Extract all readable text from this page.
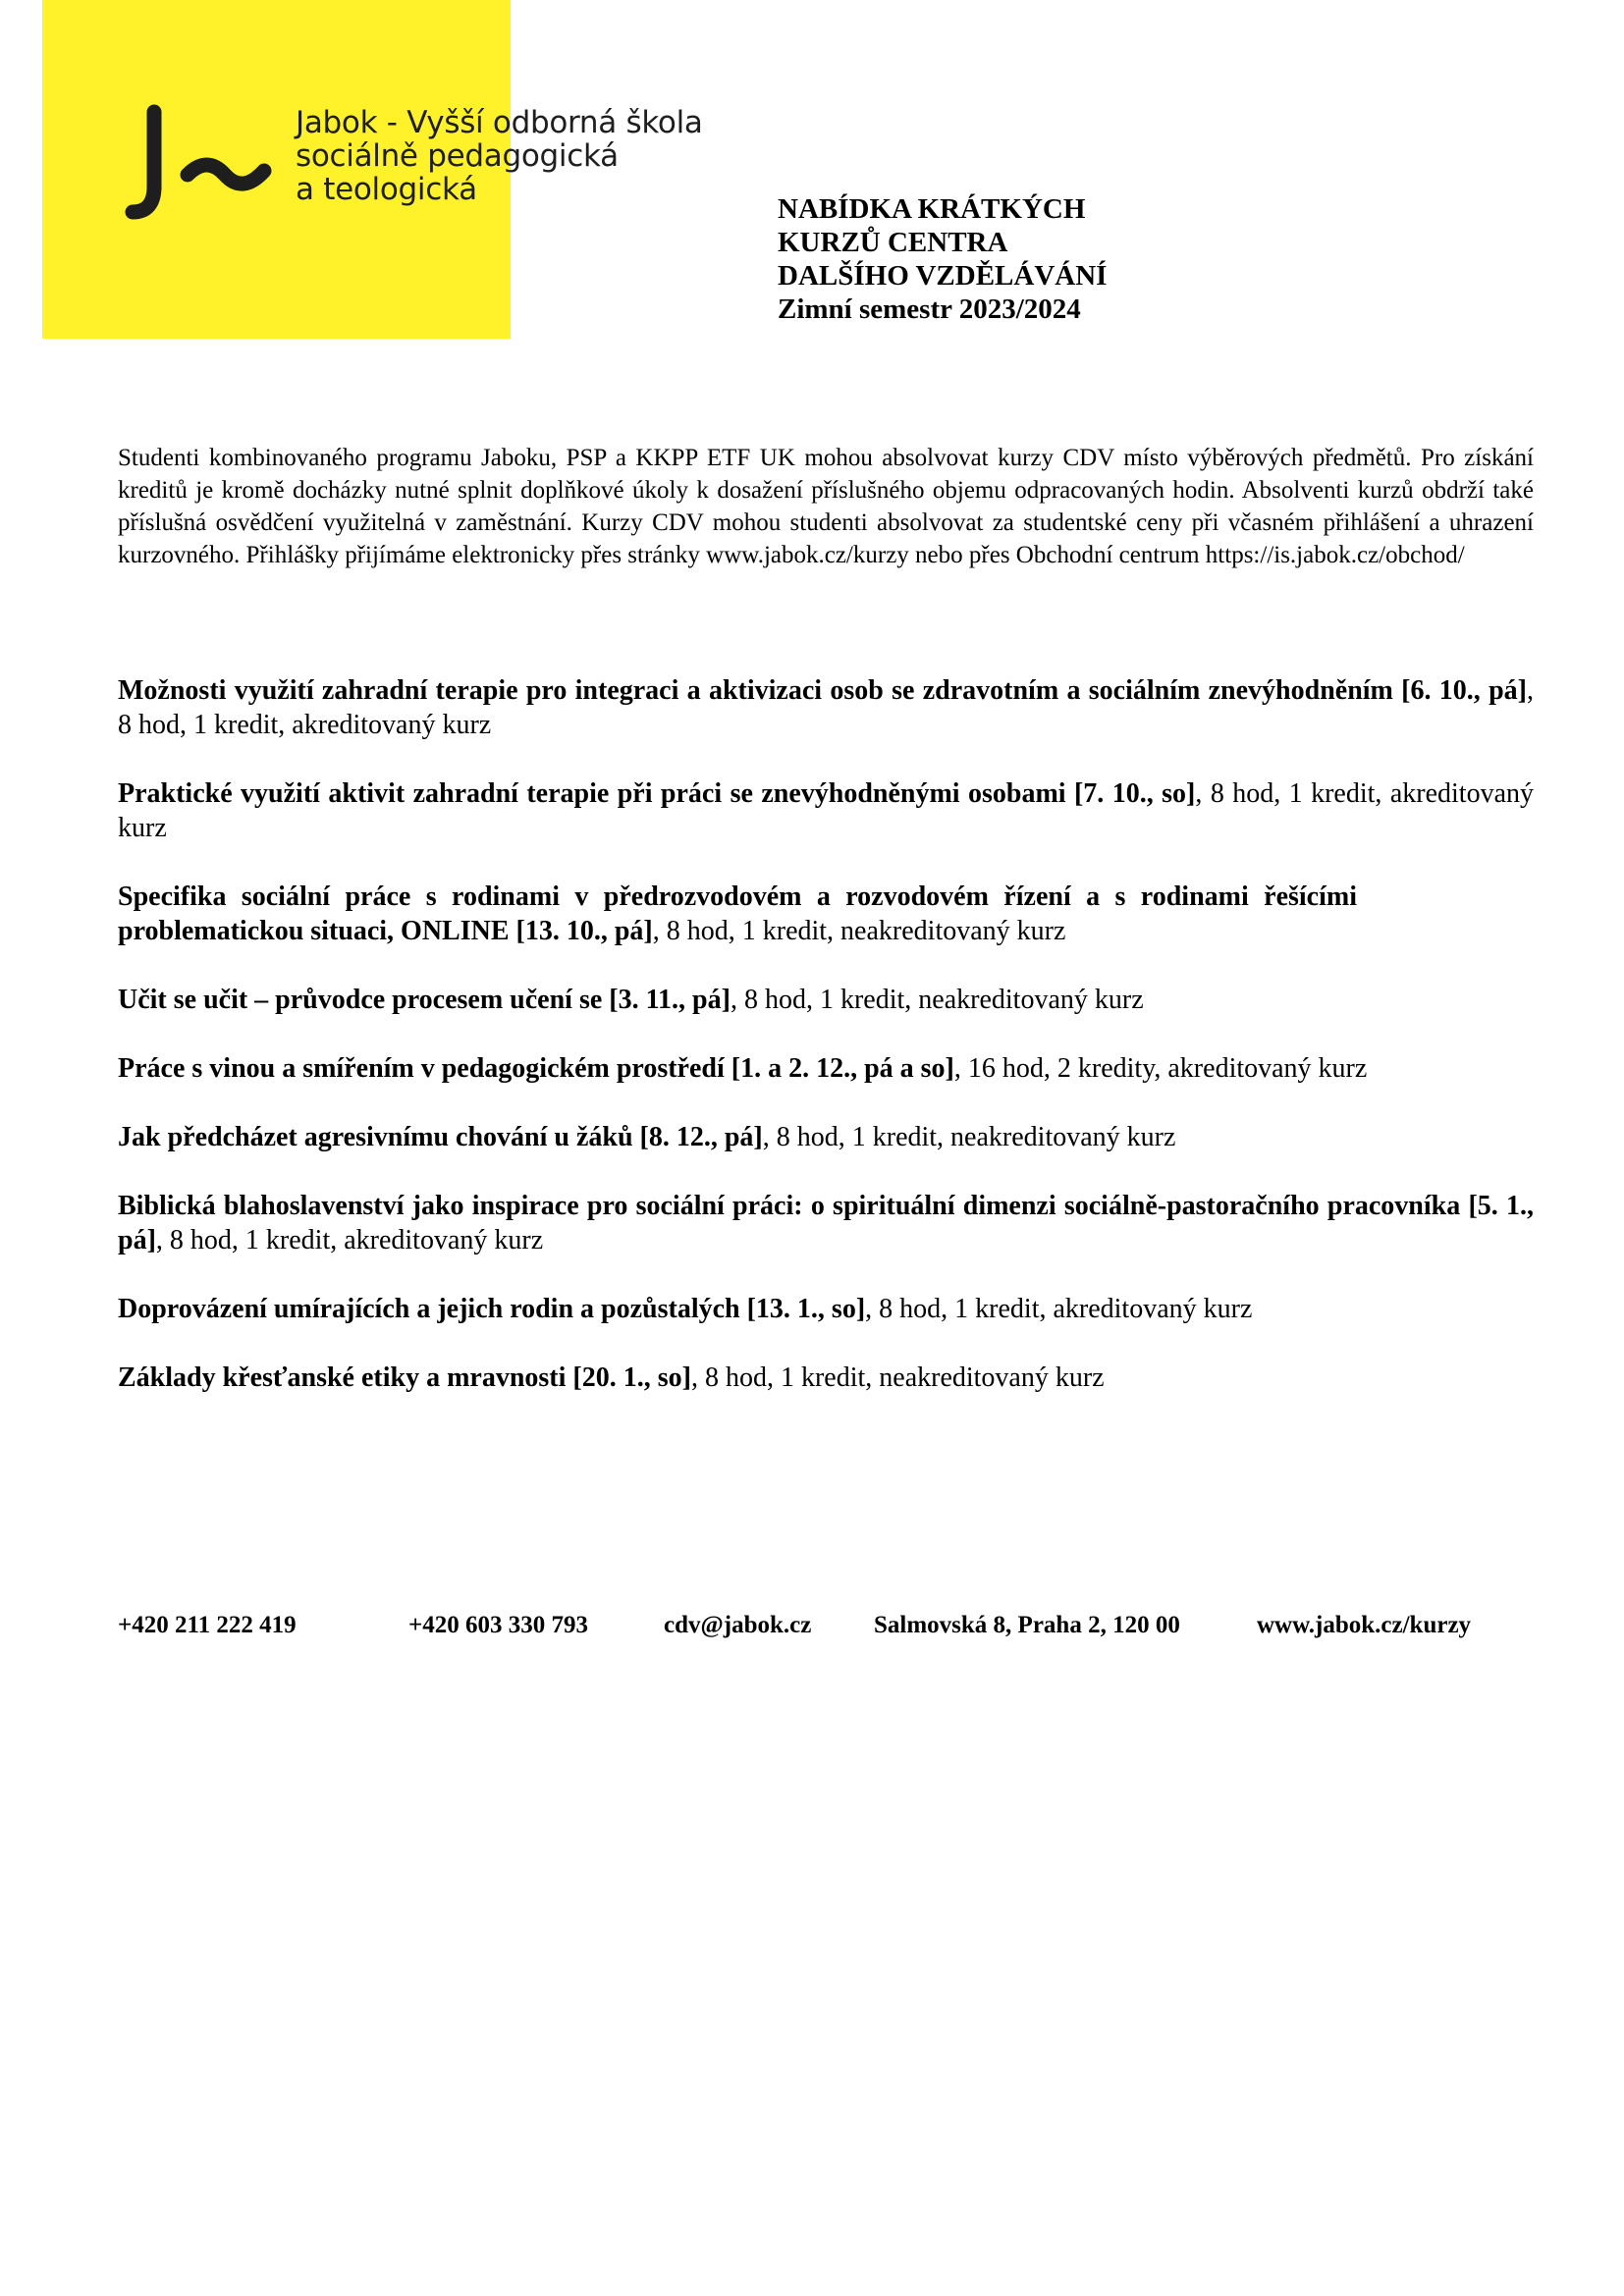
Jabok - Vyšší odborná škola
sociálně pedagogická
a teologická
NABÍDKA KRÁTKÝCH
KURZŮ CENTRA
DALŠÍHO VZDĚLÁVÁNÍ
Zimní semestr 2023/2024
Studenti kombinovaného programu Jaboku, PSP a KKPP ETF UK mohou absolvovat kurzy CDV místo výběrových předmětů. Pro získání kreditů je kromě docházky nutné splnit doplňkové úkoly k dosažení příslušného objemu odpracovaných hodin. Absolventi kurzů obdrží také příslušná osvědčení využitelná v zaměstnání. Kurzy CDV mohou studenti absolvovat za studentské ceny při včasném přihlášení a uhrazení kurzovného. Přihlášky přijímáme elektronicky přes stránky www.jabok.cz/kurzy nebo přes Obchodní centrum https://is.jabok.cz/obchod/
Možnosti využití zahradní terapie pro integraci a aktivizaci osob se zdravotním a sociálním znevýhodněním [6. 10., pá], 8 hod, 1 kredit, akreditovaný kurz
Praktické využití aktivit zahradní terapie při práci se znevýhodněnými osobami [7. 10., so], 8 hod, 1 kredit, akreditovaný kurz
Specifika sociální práce s rodinami v předrozvodovém a rozvodovém řízení a s rodinami řešícími problematickou situaci, ONLINE [13. 10., pá], 8 hod, 1 kredit, neakreditovaný kurz
Učit se učit – průvodce procesem učení se [3. 11., pá], 8 hod, 1 kredit, neakreditovaný kurz
Práce s vinou a smířením v pedagogickém prostředí [1. a 2. 12., pá a so], 16 hod, 2 kredity, akreditovaný kurz
Jak předcházet agresivnímu chování u žáků [8. 12., pá], 8 hod, 1 kredit, neakreditovaný kurz
Biblická blahoslavenství jako inspirace pro sociální práci: o spirituální dimenzi sociálně-pastoračního pracovníka [5. 1., pá], 8 hod, 1 kredit, akreditovaný kurz
Doprovázení umírajících a jejich rodin a pozůstalých [13. 1., so], 8 hod, 1 kredit, akreditovaný kurz
Základy křesťanské etiky a mravnosti [20. 1., so], 8 hod, 1 kredit, neakreditovaný kurz
+420 211 222 419	+420 603 330 793	cdv@jabok.cz	Salmovská 8, Praha 2, 120 00	www.jabok.cz/kurzy
